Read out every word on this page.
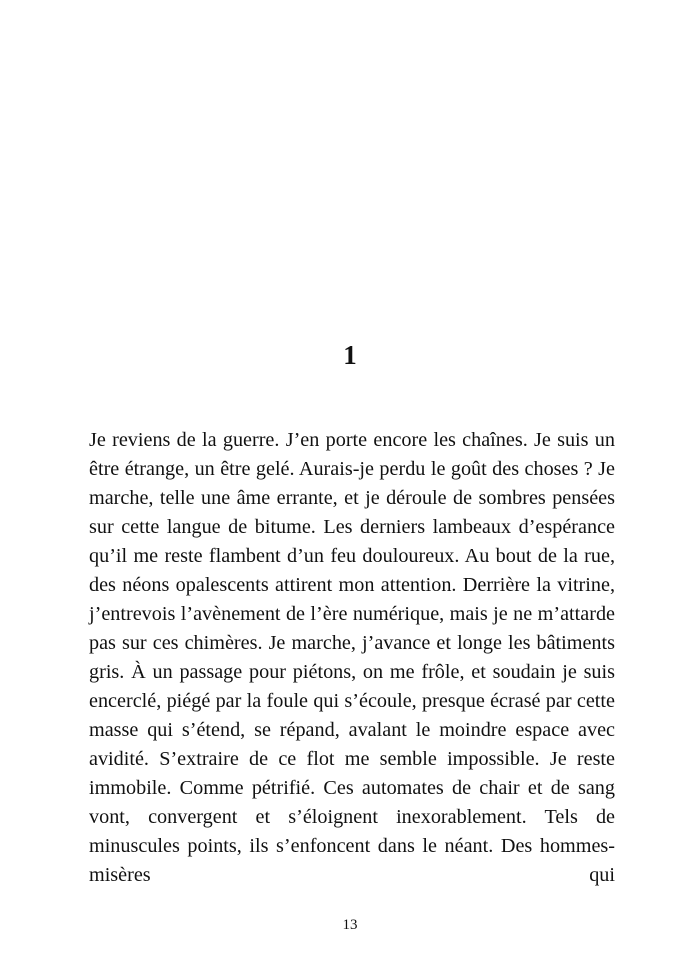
1

Je reviens de la guerre. J’en porte encore les chaînes. Je suis un être étrange, un être gelé. Aurais-je perdu le goût des choses ? Je marche, telle une âme errante, et je déroule de sombres pensées sur cette langue de bitume. Les derniers lambeaux d’espérance qu’il me reste flambent d’un feu douloureux. Au bout de la rue, des néons opalescents attirent mon attention. Derrière la vitrine, j’entrevois l’avènement de l’ère numérique, mais je ne m’attarde pas sur ces chimères. Je marche, j’avance et longe les bâtiments gris. À un passage pour piétons, on me frôle, et soudain je suis encerclé, piégé par la foule qui s’écoule, presque écrasé par cette masse qui s’étend, se répand, avalant le moindre espace avec avidité. S’extraire de ce flot me semble impossible. Je reste immobile. Comme pétrifié. Ces automates de chair et de sang vont, convergent et s’éloignent inexorablement. Tels de minuscules points, ils s’enfoncent dans le néant. Des hommes-misères qui

13
